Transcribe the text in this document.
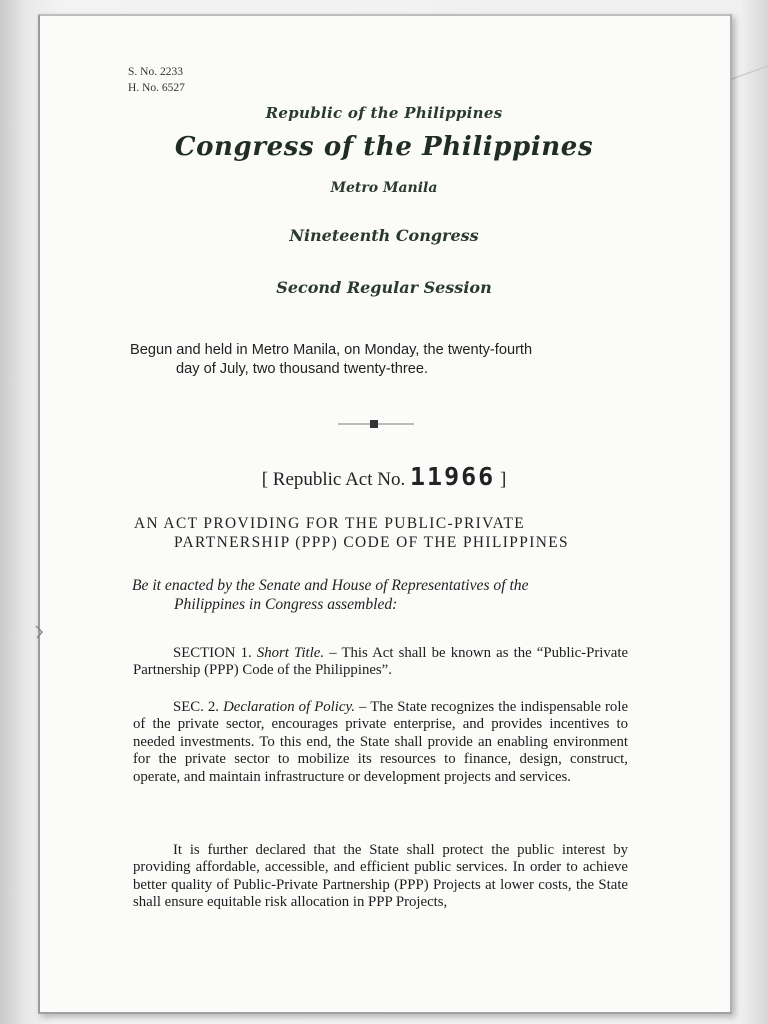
S. No. 2233
H. No. 6527
Republic of the Philippines
Congress of the Philippines
Metro Manila
Nineteenth Congress
Second Regular Session
Begun and held in Metro Manila, on Monday, the twenty-fourth
day of July, two thousand twenty-three.
[ Republic Act No. 11966 ]
AN ACT PROVIDING FOR THE PUBLIC-PRIVATE
PARTNERSHIP (PPP) CODE OF THE PHILIPPINES
Be it enacted by the Senate and House of Representatives of the
Philippines in Congress assembled:
SECTION 1. Short Title. – This Act shall be known as the “Public-Private Partnership (PPP) Code of the Philippines”.
SEC. 2. Declaration of Policy. – The State recognizes the indispensable role of the private sector, encourages private enterprise, and provides incentives to needed investments. To this end, the State shall provide an enabling environment for the private sector to mobilize its resources to finance, design, construct, operate, and maintain infrastructure or development projects and services.
It is further declared that the State shall protect the public interest by providing affordable, accessible, and efficient public services. In order to achieve better quality of Public-Private Partnership (PPP) Projects at lower costs, the State shall ensure equitable risk allocation in PPP Projects,
